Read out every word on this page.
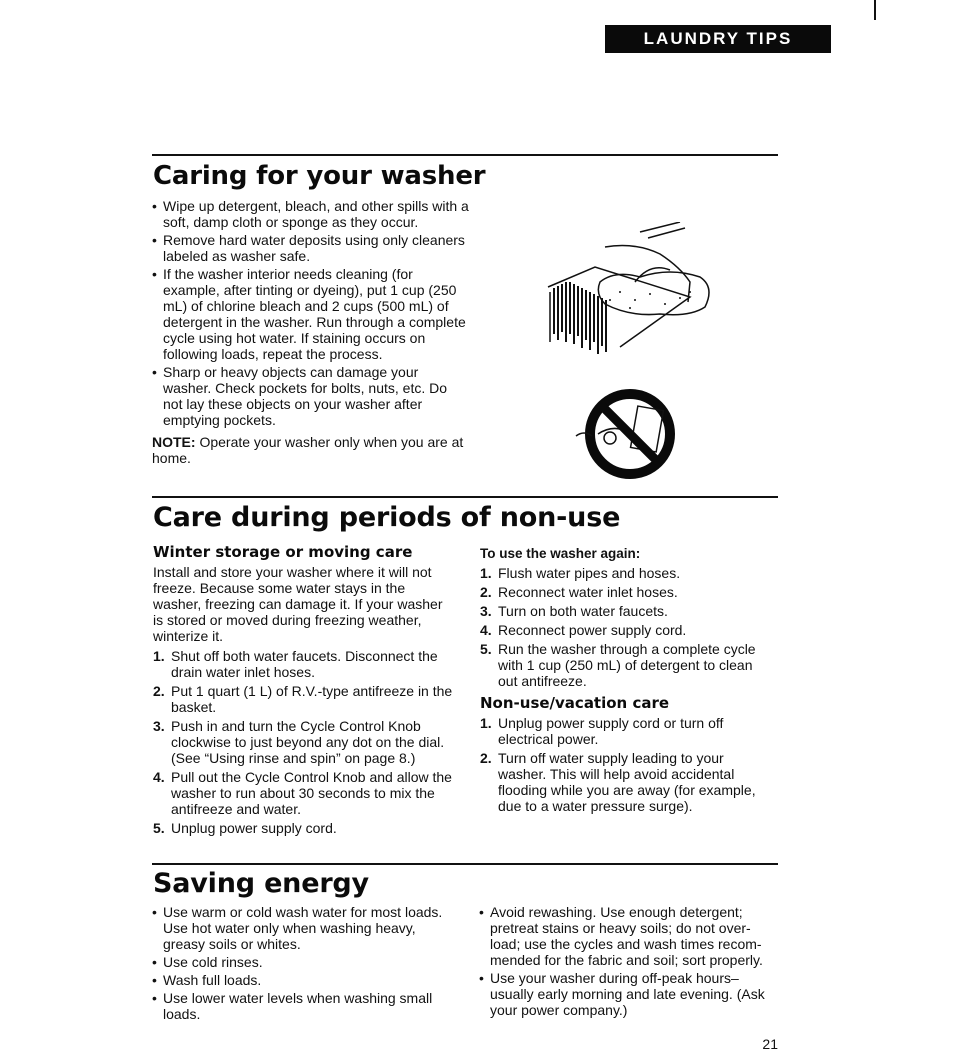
LAUNDRY TIPS
Caring for your washer
• Wipe up detergent, bleach, and other spills with a soft, damp cloth or sponge as they occur.
• Remove hard water deposits using only cleaners labeled as washer safe.
• If the washer interior needs cleaning (for example, after tinting or dyeing), put 1 cup (250 mL) of chlorine bleach and 2 cups (500 mL) of detergent in the washer. Run through a complete cycle using hot water. If staining occurs on following loads, repeat the process.
• Sharp or heavy objects can damage your washer. Check pockets for bolts, nuts, etc. Do not lay these objects on your washer after emptying pockets.
NOTE: Operate your washer only when you are at home.
Care during periods of non-use
Winter storage or moving care
Install and store your washer where it will not freeze. Because some water stays in the washer, freezing can damage it. If your washer is stored or moved during freezing weather, winterize it.
1. Shut off both water faucets. Disconnect the drain water inlet hoses.
2. Put 1 quart (1 L) of R.V.-type antifreeze in the basket.
3. Push in and turn the Cycle Control Knob clockwise to just beyond any dot on the dial. (See “Using rinse and spin” on page 8.)
4. Pull out the Cycle Control Knob and allow the washer to run about 30 seconds to mix the antifreeze and water.
5. Unplug power supply cord.
To use the washer again:
1. Flush water pipes and hoses.
2. Reconnect water inlet hoses.
3. Turn on both water faucets.
4. Reconnect power supply cord.
5. Run the washer through a complete cycle with 1 cup (250 mL) of detergent to clean out antifreeze.
Non-use/vacation care
1. Unplug power supply cord or turn off electrical power.
2. Turn off water supply leading to your washer. This will help avoid accidental flooding while you are away (for example, due to a water pressure surge).
Saving energy
• Use warm or cold wash water for most loads. Use hot water only when washing heavy, greasy soils or whites.
• Use cold rinses.
• Wash full loads.
• Use lower water levels when washing small loads.
• Avoid rewashing. Use enough detergent; pretreat stains or heavy soils; do not over-load; use the cycles and wash times recom-mended for the fabric and soil; sort properly.
• Use your washer during off-peak hours–usually early morning and late evening. (Ask your power company.)
21
